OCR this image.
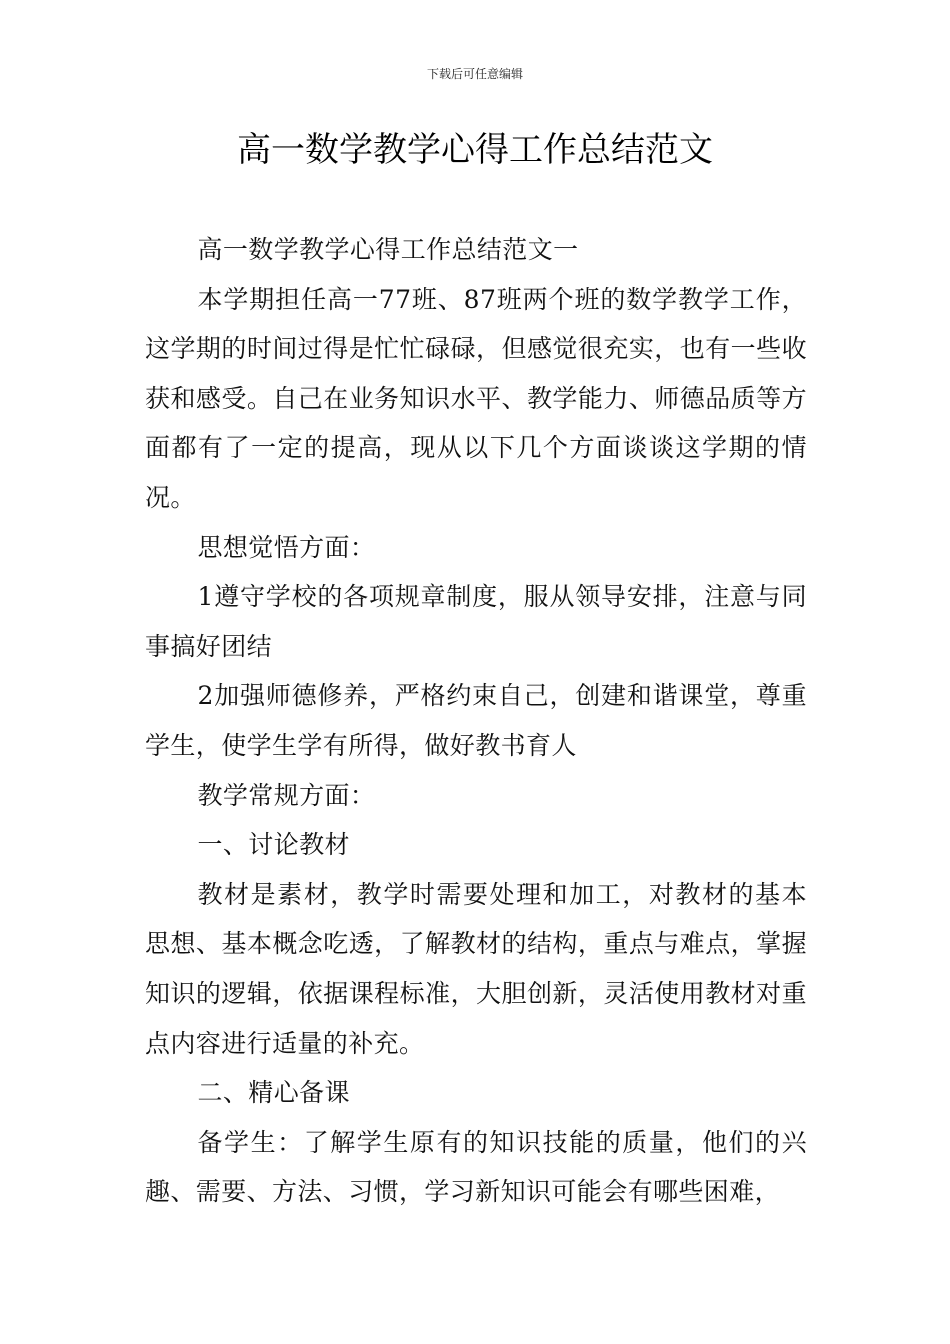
下载后可任意编辑
高一数学教学心得工作总结范文

高一数学教学心得工作总结范文一

本学期担任高一77班、87班两个班的数学教学工作，这学期的时间过得是忙忙碌碌，但感觉很充实，也有一些收获和感受。自己在业务知识水平、教学能力、师德品质等方面都有了一定的提高，现从以下几个方面谈谈这学期的情况。

思想觉悟方面：

1遵守学校的各项规章制度，服从领导安排，注意与同事搞好团结

2加强师德修养，严格约束自己，创建和谐课堂，尊重学生，使学生学有所得，做好教书育人

教学常规方面：

一、讨论教材

教材是素材，教学时需要处理和加工，对教材的基本思想、基本概念吃透，了解教材的结构，重点与难点，掌握知识的逻辑，依据课程标准，大胆创新，灵活使用教材对重点内容进行适量的补充。

二、精心备课

备学生：了解学生原有的知识技能的质量，他们的兴趣、需要、方法、习惯，学习新知识可能会有哪些困难，
